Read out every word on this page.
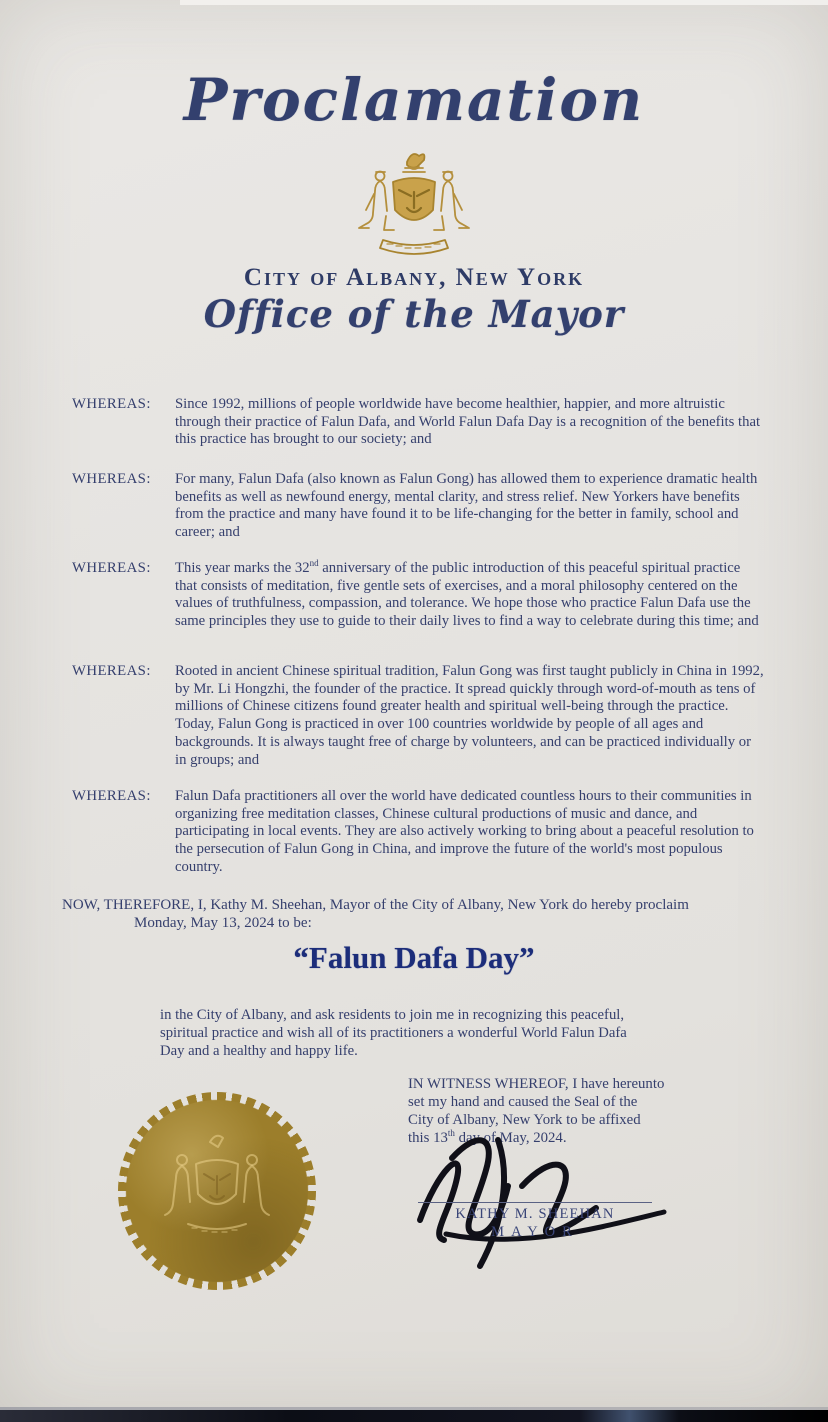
Proclamation
City of Albany, New York
Office of the Mayor
WHEREAS:	Since 1992, millions of people worldwide have become healthier, happier, and more altruistic through their practice of Falun Dafa, and World Falun Dafa Day is a recognition of the benefits that this practice has brought to our society; and
WHEREAS:	For many, Falun Dafa (also known as Falun Gong) has allowed them to experience dramatic health benefits as well as newfound energy, mental clarity, and stress relief. New Yorkers have benefits from the practice and many have found it to be life-changing for the better in family, school and career; and
WHEREAS:	This year marks the 32nd anniversary of the public introduction of this peaceful spiritual practice that consists of meditation, five gentle sets of exercises, and a moral philosophy centered on the values of truthfulness, compassion, and tolerance. We hope those who practice Falun Dafa use the same principles they use to guide to their daily lives to find a way to celebrate during this time; and
WHEREAS:	Rooted in ancient Chinese spiritual tradition, Falun Gong was first taught publicly in China in 1992, by Mr. Li Hongzhi, the founder of the practice. It spread quickly through word-of-mouth as tens of millions of Chinese citizens found greater health and spiritual well-being through the practice. Today, Falun Gong is practiced in over 100 countries worldwide by people of all ages and backgrounds. It is always taught free of charge by volunteers, and can be practiced individually or in groups; and
WHEREAS:	Falun Dafa practitioners all over the world have dedicated countless hours to their communities in organizing free meditation classes, Chinese cultural productions of music and dance, and participating in local events. They are also actively working to bring about a peaceful resolution to the persecution of Falun Gong in China, and improve the future of the world's most populous country.
NOW, THEREFORE, I, Kathy M. Sheehan, Mayor of the City of Albany, New York do hereby proclaim
Monday, May 13, 2024 to be:
“Falun Dafa Day”
in the City of Albany, and ask residents to join me in recognizing this peaceful, spiritual practice and wish all of its practitioners a wonderful World Falun Dafa Day and a healthy and happy life.
IN WITNESS WHEREOF, I have hereunto
set my hand and caused the Seal of the
City of Albany, New York to be affixed
this 13th day of May, 2024.
KATHY M. SHEEHAN
MAYOR
